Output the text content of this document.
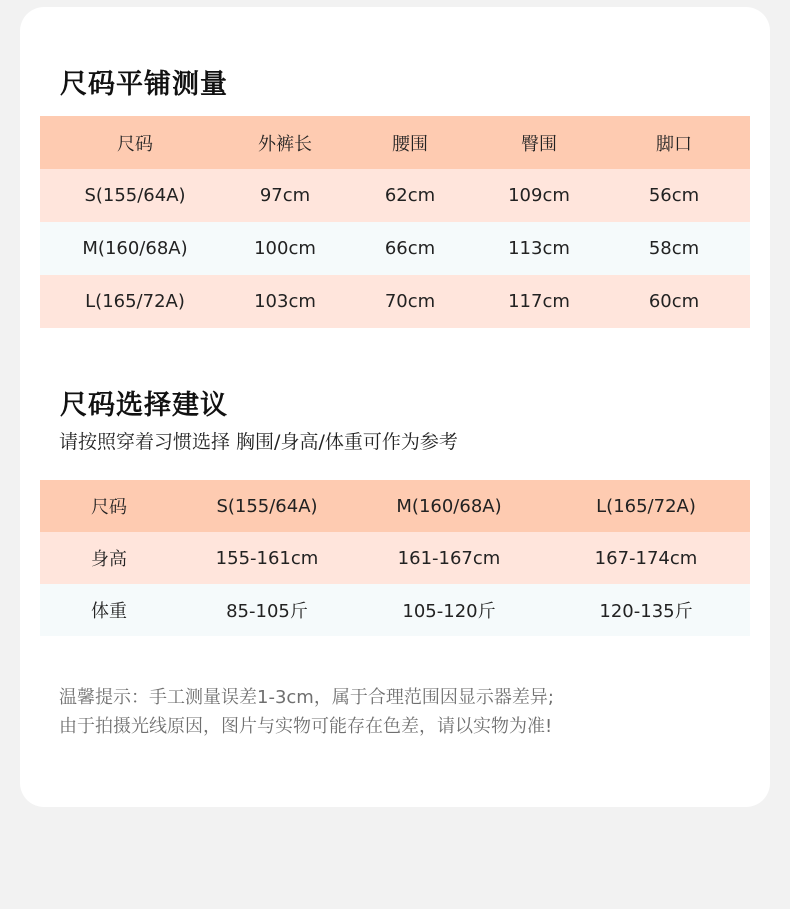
尺码平铺测量
尺码	外裤长	腰围	臀围	脚口
S(155/64A)	97cm	62cm	109cm	56cm
M(160/68A)	100cm	66cm	113cm	58cm
L(165/72A)	103cm	70cm	117cm	60cm
尺码选择建议
请按照穿着习惯选择 胸围/身高/体重可作为参考
尺码	S(155/64A)	M(160/68A)	L(165/72A)
身高	155-161cm	161-167cm	167-174cm
体重	85-105斤	105-120斤	120-135斤
温馨提示：手工测量误差1-3cm，属于合理范围因显示器差异;
由于拍摄光线原因，图片与实物可能存在色差，请以实物为准!
